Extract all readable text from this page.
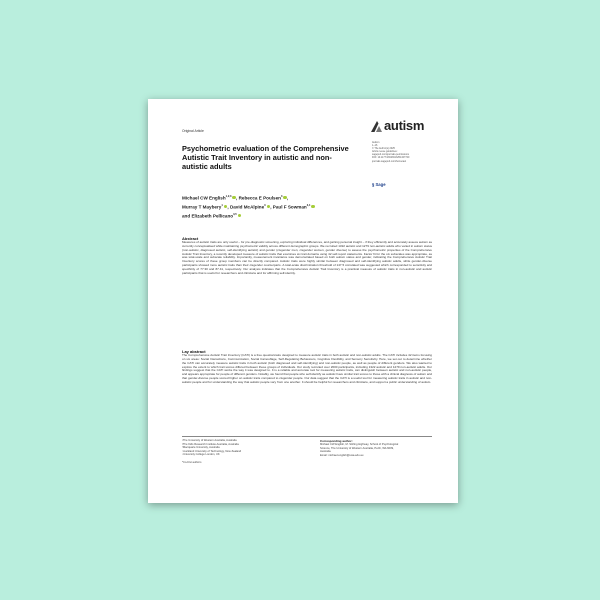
Original Article	autism
Autism
1–16
© The Author(s) 2025
Article reuse guidelines:
sagepub.com/journals-permissions
DOI: 10.1177/13623613251347740
journals.sagepub.com/home/aut
§ Sage
Psychometric evaluation of the Comprehensive Autistic Trait Inventory in autistic and non-autistic adults
Michael CW English$^{1,2,3}$ , Rebecca E Poulsen$^3$ ,
Murray T Maybery$^1$ , David McAlpine$^3$ , Paul F Sowman$^{3,4}$
and Elizabeth Pellicano$^{3,5}$
Abstract
Measures of autistic traits are only useful – for pre-diagnostic screening, exploring individual differences, and gaining personal insight – if they efficiently and accurately assess autism as currently conceptualised while maintaining psychometric validity across different demographic groups. We recruited 1322 autistic and 1279 non-autistic adults who varied in autism status (non-autistic, diagnosed autistic, self-identifying autistic) and gender (cisgender men, cisgender women, gender diverse) to assess the psychometric properties of the Comprehensive Autistic Trait Inventory, a recently developed measure of autistic traits that examines six trait domains using 42 self-report statements. Factor fit for the six subscales was appropriate, as was total-scale and subscale reliability. Importantly, measurement invariance was demonstrated based on both autism status and gender, indicating the Comprehensive Autistic Trait Inventory scores of these group members can be directly compared. Autistic traits were highly similar between diagnosed and self-identifying autistic adults, while gender-diverse participants showed more autistic traits than their cisgender counterparts. A total-scale discrimination threshold of 147.5 correlated was suggested which corresponded to sensitivity and specificity of 77.30 and 87.41, respectively. Our analysis indicates that the Comprehensive Autistic Trait Inventory is a practical measure of autistic traits in non-autistic and autistic participants that is useful for researchers and clinicians and for affirming self-identity.
Lay abstract
The Comprehensive Autistic Trait Inventory (CATI) is a free questionnaire designed to measure autistic traits in both autistic and non-autistic adults. The CATI includes 42 items focusing on six areas: Social Interactions, Communication, Social Camouflage, Self-Regulating Behaviours, Cognitive Flexibility, and Sensory Sensitivity. Here, we set out to determine whether the CATI can accurately measure autistic traits in both autistic (both diagnosed and self-identifying) and non-autistic people, as well as people of different genders. We also wanted to explore the extent to which trait scores differed between these groups of individuals. Our study recruited over 2600 participants, including 1322 autistic and 1279 non-autistic adults. Our findings suggest that the CATI works the way it was designed to. It is a reliable and accurate tool for measuring autistic traits, can distinguish between autistic and non-autistic people, and appears appropriate for people of different genders. Notably, we found that people who self-identify as autistic have similar trait scores to those with a clinical diagnosis of autism and that gender-diverse people scored higher on autistic traits compared to cisgender people. Our data suggest that the CATI is a useful tool for measuring autistic traits in autistic and non-autistic people and for understanding the way that autistic people vary from one another. It should be helpful for researchers and clinicians, and support a public understanding of autism.
¹The University of Western Australia, Australia
²The Kids Research Institute Australia, Australia
³Macquarie University, Australia
⁴Auckland University of Technology, New Zealand
⁵University College London, UK
*Co-first authors
Corresponding author:
Michael CW English, M. Stirling Highway, School of Psychological
Science, The University of Western Australia, Perth, WA 6009,
Australia.
Email: michael.english@uwa.edu.au
